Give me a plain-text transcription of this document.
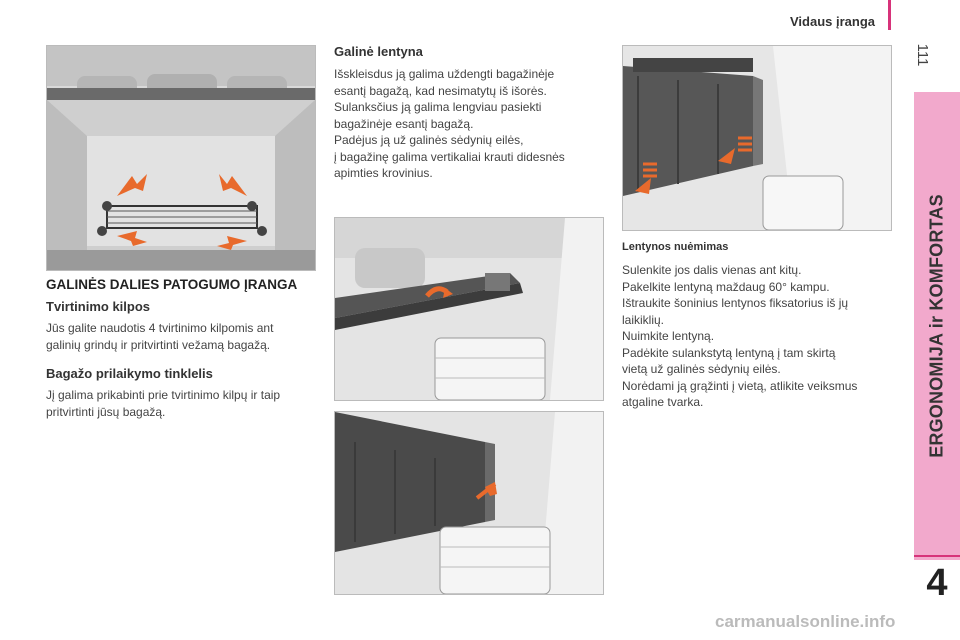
Vidaus įranga
111
ERGONOMIJA ir KOMFORTAS
4
GALINĖS DALIES PATOGUMO ĮRANGA
Tvirtinimo kilpos
Jūs galite naudotis 4 tvirtinimo kilpomis ant
galinių grindų ir pritvirtinti vežamą bagažą.
Bagažo prilaikymo tinklelis
Jį galima prikabinti prie tvirtinimo kilpų ir taip
pritvirtinti jūsų bagažą.
Galinė lentyna
Išskleisdus ją galima uždengti bagažinėje
esantį bagažą, kad nesimatytų iš išorės.
Sulanksčius ją galima lengviau pasiekti
bagažinėje esantį bagažą.
Padėjus ją už galinės sėdynių eilės,
į bagažinę galima vertikaliai krauti didesnės
apimties krovinius.
Lentynos nuėmimas
Sulenkite jos dalis vienas ant kitų.
Pakelkite lentyną maždaug 60° kampu.
Ištraukite šoninius lentynos fiksatorius iš jų
laikiklių.
Nuimkite lentyną.
Padėkite sulankstytą lentyną į tam skirtą
vietą už galinės sėdynių eilės.
Norėdami ją grąžinti į vietą, atlikite veiksmus
atgaline tvarka.
carmanualsonline.info
